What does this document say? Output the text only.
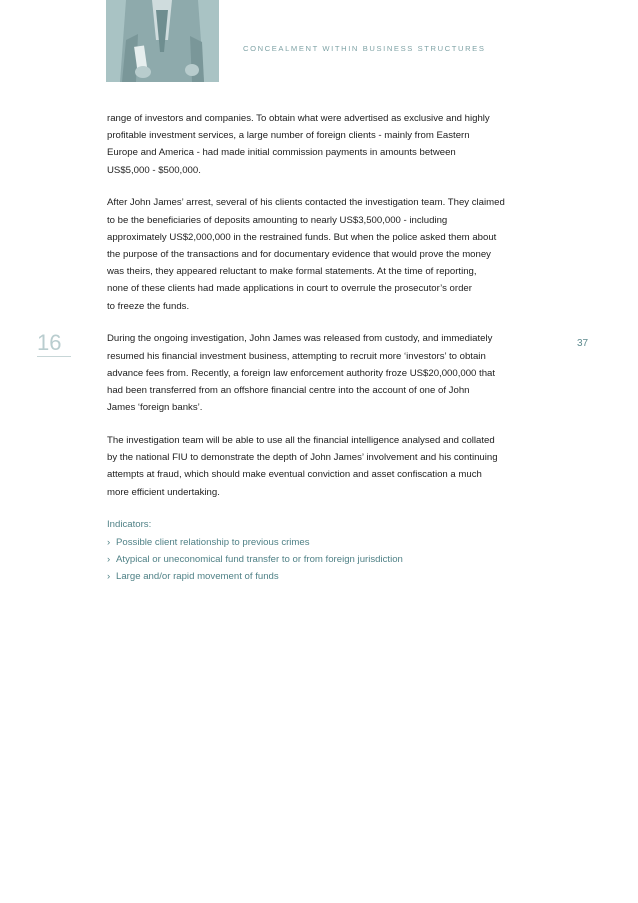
CONCEALMENT WITHIN BUSINESS STRUCTURES
16	37

range of investors and companies. To obtain what were advertised as exclusive and highly
profitable investment services, a large number of foreign clients - mainly from Eastern
Europe and America - had made initial commission payments in amounts between
US$5,000 - $500,000.

After John James’ arrest, several of his clients contacted the investigation team. They claimed
to be the beneficiaries of deposits amounting to nearly US$3,500,000 - including
approximately US$2,000,000 in the restrained funds. But when the police asked them about
the purpose of the transactions and for documentary evidence that would prove the money
was theirs, they appeared reluctant to make formal statements. At the time of reporting,
none of these clients had made applications in court to overrule the prosecutor’s order
to freeze the funds.

During the ongoing investigation, John James was released from custody, and immediately
resumed his financial investment business, attempting to recruit more ‘investors’ to obtain
advance fees from. Recently, a foreign law enforcement authority froze US$20,000,000 that
had been transferred from an offshore financial centre into the account of one of John
James ‘foreign banks’.

The investigation team will be able to use all the financial intelligence analysed and collated
by the national FIU to demonstrate the depth of John James’ involvement and his continuing
attempts at fraud, which should make eventual conviction and asset confiscation a much
more efficient undertaking.

Indicators:
› Possible client relationship to previous crimes
› Atypical or uneconomical fund transfer to or from foreign jurisdiction
› Large and/or rapid movement of funds
